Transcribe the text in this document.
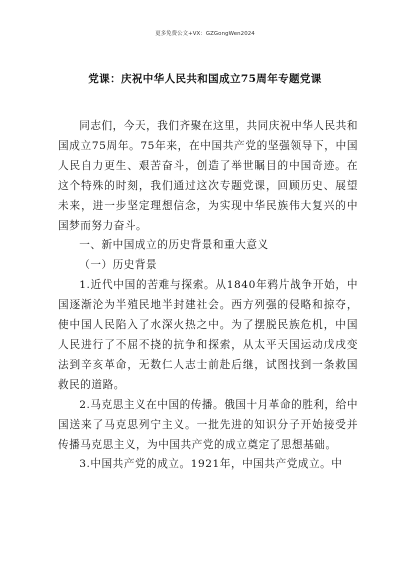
更多免费公文+VX：GZGongWen2024
党课：庆祝中华人民共和国成立75周年专题党课

同志们，今天，我们齐聚在这里，共同庆祝中华人民共和国成立75周年。75年来，在中国共产党的坚强领导下，中国人民自力更生、艰苦奋斗，创造了举世瞩目的中国奇迹。在这个特殊的时刻，我们通过这次专题党课，回顾历史、展望未来，进一步坚定理想信念，为实现中华民族伟大复兴的中国梦而努力奋斗。

一、新中国成立的历史背景和重大意义

（一）历史背景

1.近代中国的苦难与探索。从1840年鸦片战争开始，中国逐渐沦为半殖民地半封建社会。西方列强的侵略和掠夺，使中国人民陷入了水深火热之中。为了摆脱民族危机，中国人民进行了不屈不挠的抗争和探索，从太平天国运动戊戌变法到辛亥革命，无数仁人志士前赴后继，试图找到一条救国救民的道路。

2.马克思主义在中国的传播。俄国十月革命的胜利，给中国送来了马克思列宁主义。一批先进的知识分子开始接受并传播马克思主义，为中国共产党的成立奠定了思想基础。

3.中国共产党的成立。1921年，中国共产党成立。中
